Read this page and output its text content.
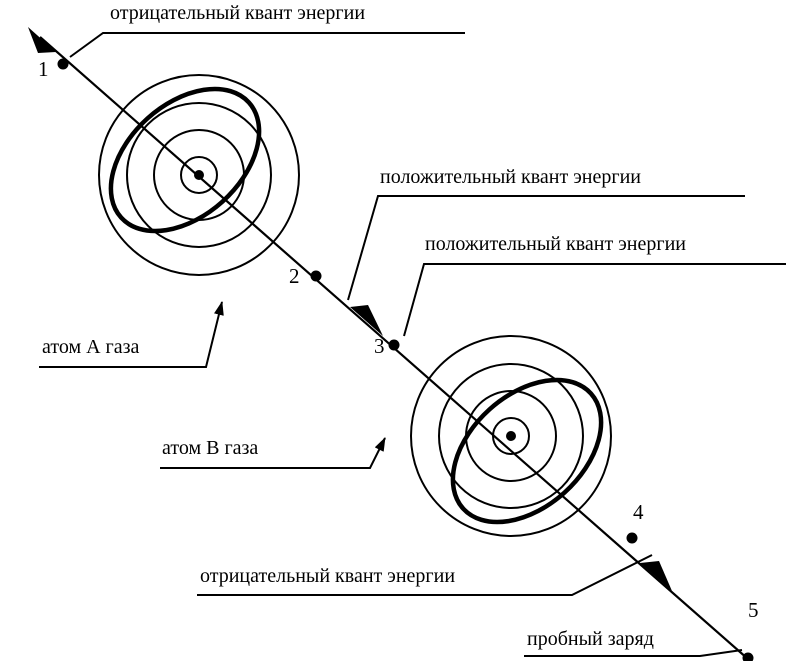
отрицательный квант энергии
положительный квант энергии
положительный квант энергии
атом А газа
атом В газа
отрицательный квант энергии
пробный заряд
1
2
3
4
5
